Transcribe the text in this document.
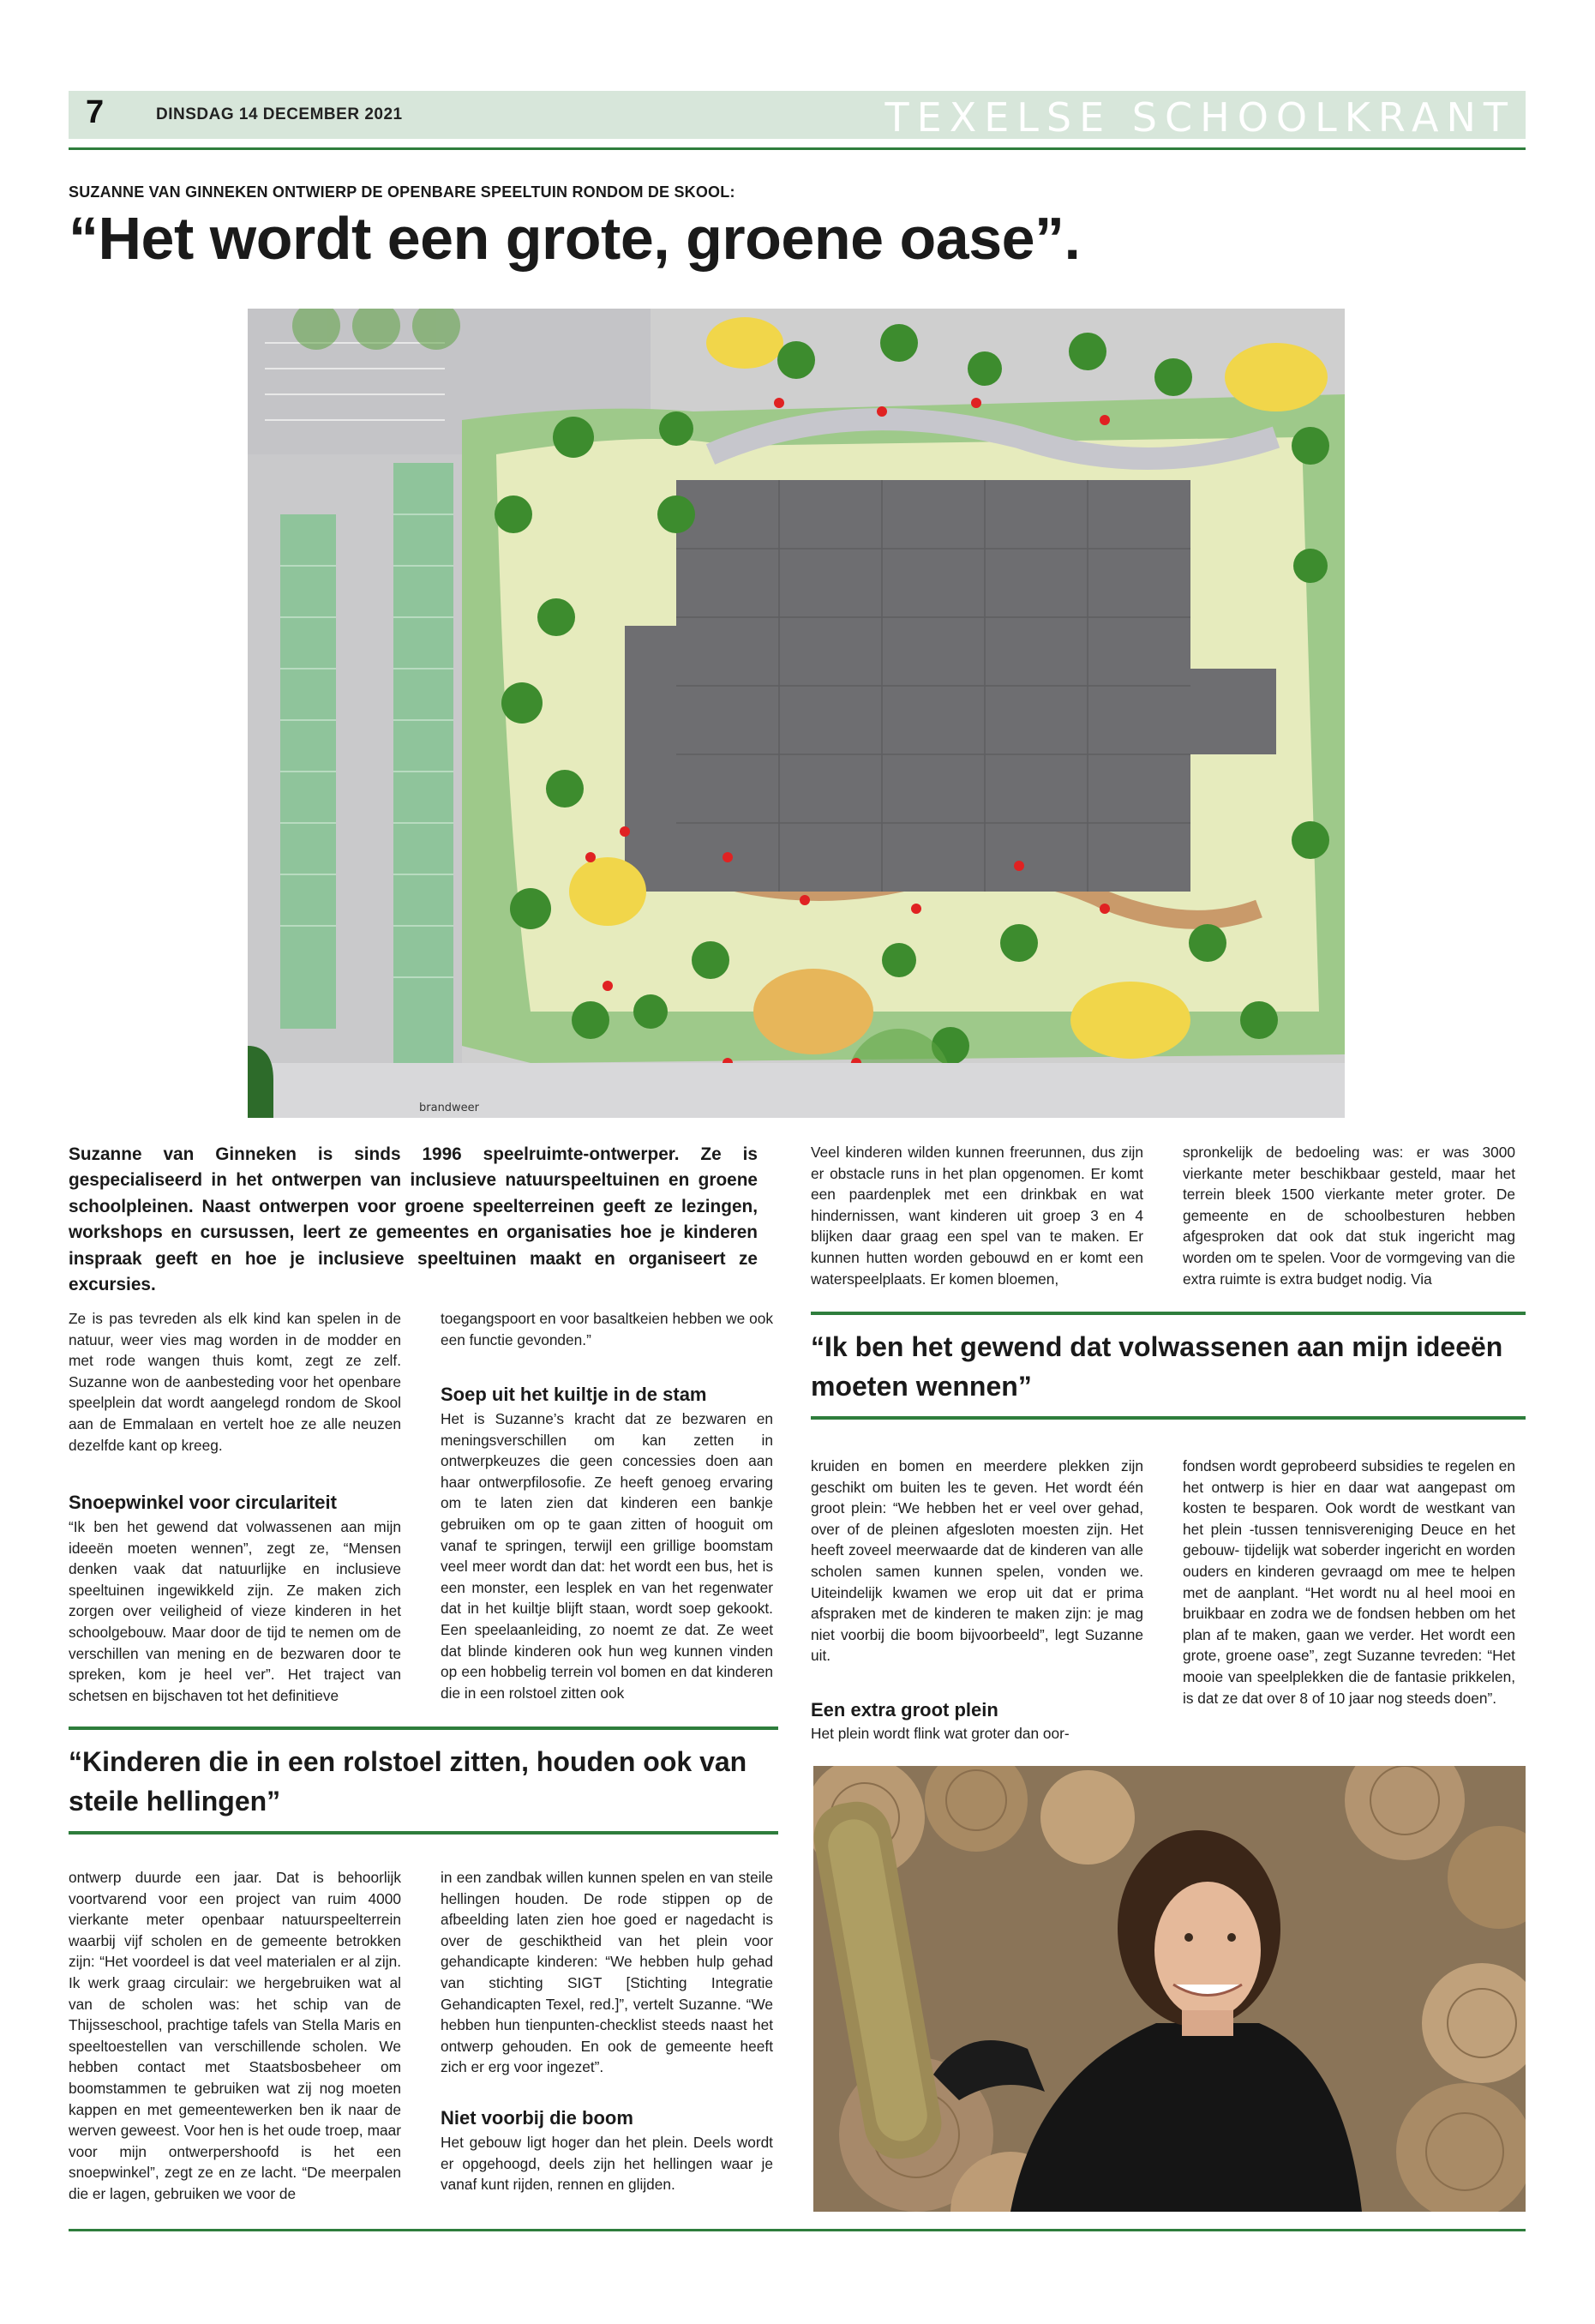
7	DINSDAG 14 DECEMBER 2021	TEXELSE SCHOOLKRANT
SUZANNE VAN GINNEKEN ONTWIERP DE OPENBARE SPEELTUIN RONDOM DE SKOOL:
“Het wordt een grote, groene oase”.
brandweer
Suzanne van Ginneken is sinds 1996 speelruimte-ontwerper. Ze is gespecialiseerd in het ontwerpen van inclusieve natuurspeeltuinen en groene schoolpleinen. Naast ontwerpen voor groene speelterreinen geeft ze lezingen, workshops en cursussen, leert ze gemeentes en organisaties hoe je kinderen inspraak geeft en hoe je inclusieve speeltuinen maakt en organiseert ze excursies.
Ze is pas tevreden als elk kind kan spelen in de natuur, weer vies mag worden in de modder en met rode wangen thuis komt, zegt ze zelf. Suzanne won de aanbesteding voor het openbare speelplein dat wordt aangelegd rondom de Skool aan de Emmalaan en vertelt hoe ze alle neuzen dezelfde kant op kreeg.
Snoepwinkel voor circulariteit
“Ik ben het gewend dat volwassenen aan mijn ideeën moeten wennen”, zegt ze, “Mensen denken vaak dat natuurlijke en inclusieve speeltuinen ingewikkeld zijn. Ze maken zich zorgen over veiligheid of vieze kinderen in het schoolgebouw. Maar door de tijd te nemen om de verschillen van mening en de bezwaren door te spreken, kom je heel ver”. Het traject van schetsen en bijschaven tot het definitieve
toegangspoort en voor basaltkeien hebben we ook een functie gevonden.”
Soep uit het kuiltje in de stam
Het is Suzanne’s kracht dat ze bezwaren en meningsverschillen om kan zetten in ontwerpkeuzes die geen concessies doen aan haar ontwerpfilosofie. Ze heeft genoeg ervaring om te laten zien dat kinderen een bankje gebruiken om op te gaan zitten of hooguit om vanaf te springen, terwijl een grillige boomstam veel meer wordt dan dat: het wordt een bus, het is een monster, een lesplek en van het regenwater dat in het kuiltje blijft staan, wordt soep gekookt. Een speelaanleiding, zo noemt ze dat. Ze weet dat blinde kinderen ook hun weg kunnen vinden op een hobbelig terrein vol bomen en dat kinderen die in een rolstoel zitten ook
Veel kinderen wilden kunnen freerunnen, dus zijn er obstacle runs in het plan opgenomen. Er komt een paardenplek met een drinkbak en wat hindernissen, want kinderen uit groep 3 en 4 blijken daar graag een spel van te maken. Er kunnen hutten worden gebouwd en er komt een waterspeelplaats. Er komen bloemen,
spronkelijk de bedoeling was: er was 3000 vierkante meter beschikbaar gesteld, maar het terrein bleek 1500 vierkante meter groter. De gemeente en de schoolbesturen hebben afgesproken dat ook dat stuk ingericht mag worden om te spelen. Voor de vormgeving van die extra ruimte is extra budget nodig. Via
“Ik ben het gewend dat volwassenen aan mijn ideeën moeten wennen”
kruiden en bomen en meerdere plekken zijn geschikt om buiten les te geven. Het wordt één groot plein: “We hebben het er veel over gehad, over of de pleinen afgesloten moesten zijn. Het heeft zoveel meerwaarde dat de kinderen van alle scholen samen kunnen spelen, vonden we. Uiteindelijk kwamen we erop uit dat er prima afspraken met de kinderen te maken zijn: je mag niet voorbij die boom bijvoorbeeld”, legt Suzanne uit.
Een extra groot plein
Het plein wordt flink wat groter dan oor-
fondsen wordt geprobeerd subsidies te regelen en het ontwerp is hier en daar wat aangepast om kosten te besparen. Ook wordt de westkant van het plein -tussen tennisvereniging Deuce en het gebouw- tijdelijk wat soberder ingericht en worden ouders en kinderen gevraagd om mee te helpen met de aanplant. “Het wordt nu al heel mooi en bruikbaar en zodra we de fondsen hebben om het plan af te maken, gaan we verder. Het wordt een grote, groene oase”, zegt Suzanne tevreden: “Het mooie van speelplekken die de fantasie prikkelen, is dat ze dat over 8 of 10 jaar nog steeds doen”.
“Kinderen die in een rolstoel zitten, houden ook van steile hellingen”
ontwerp duurde een jaar. Dat is behoorlijk voortvarend voor een project van ruim 4000 vierkante meter openbaar natuurspeelterrein waarbij vijf scholen en de gemeente betrokken zijn: “Het voordeel is dat veel materialen er al zijn. Ik werk graag circulair: we hergebruiken wat al van de scholen was: het schip van de Thijsseschool, prachtige tafels van Stella Maris en speeltoestellen van verschillende scholen. We hebben contact met Staatsbosbeheer om boomstammen te gebruiken wat zij nog moeten kappen en met gemeentewerken ben ik naar de werven geweest. Voor hen is het oude troep, maar voor mijn ontwerpershoofd is het een snoepwinkel”, zegt ze en ze lacht. “De meerpalen die er lagen, gebruiken we voor de
in een zandbak willen kunnen spelen en van steile hellingen houden. De rode stippen op de afbeelding laten zien hoe goed er nagedacht is over de geschiktheid van het plein voor gehandicapte kinderen: “We hebben hulp gehad van stichting SIGT [Stichting Integratie Gehandicapten Texel, red.]”, vertelt Suzanne. “We hebben hun tienpunten-checklist steeds naast het ontwerp gehouden. En ook de gemeente heeft zich er erg voor ingezet”.
Niet voorbij die boom
Het gebouw ligt hoger dan het plein. Deels wordt er opgehoogd, deels zijn het hellingen waar je vanaf kunt rijden, rennen en glijden.
